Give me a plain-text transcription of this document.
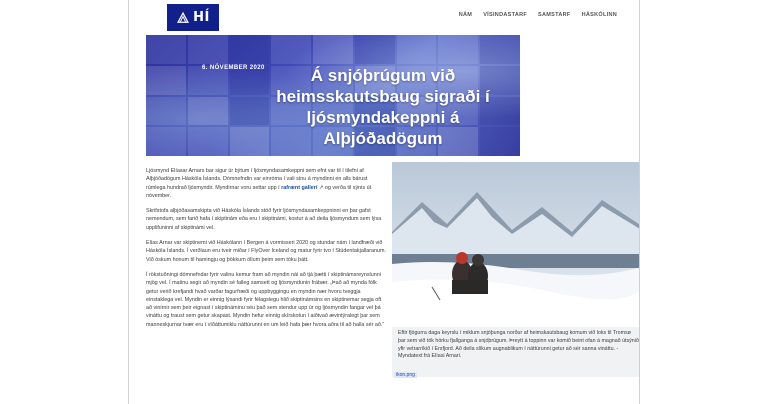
HÍ	NÁM VÍSINDASTARF SAMSTARF HÁSKÓLINN
6. NÓVEMBER 2020	Á snjóþrúgum við heimsskautsbaug sigraði í ljósmyndakeppni á Alþjóðadögum

Ljósmynd Elíasar Arnars bar sigur úr býtum í ljósmyndasamkeppni sem efnt var til í tilefni af Alþjóðadögum Háskóla Íslands. Dómnefndin var einróma í vali sínu á myndinni en alls bárust rúmlega hundrað ljósmyndir. Myndirnar voru settar upp í rafrænt gallerí ↗ og verða til sýnis út nóvember.

Skrifstofa alþjóðasamskipta við Háskóla Íslands stóð fyrir ljósmyndasamkeppninni en þar gafst nemendum, sem farið hafa í skiptinám eða eru í skiptinámi, kostur á að deila ljósmyndum sem lýsa upplifuninni af skiptinámi vel.

Elías Arnar var skiptinemi við Háskólann í Bergen á vormisseri 2020 og stundar nám í landfræði við Háskóla Íslands. Í verðlaun eru tveir miðar í FlyOver Iceland og matur fyrir tvo í Stúdentakjallaranum. Við óskum honum til hamingju og þökkum öllum þeim sem tóku þátt.

Í rökstuðningi dómnefndar fyrir valinu kemur fram að myndin nái að tjá þætti í skiptinámsreynslunni mjög vel. Í matinu segir að myndin sé falleg samsett og ljósmyndunin frábær. „Það að mynda fólk getur verið krefjandi hvað varðar fagurfræði og uppbyggingu en myndin nær hvoru tveggja einstaklega vel. Myndin er einnig lýsandi fyrir félagslegu hlið skiptinámsins en skiptinemar segja oft að vinirnir sem þeir eignast í skiptináminu séu það sem stendur upp úr og ljósmyndin fangar vel þá vináttu og traust sem getur skapast. Myndin hefur einnig skírskotun í aiðtvað ævintýralegt þar sem manneskjurnar tvær eru í víðáttumiklu náttúrunni en um leið hafa þær hvora aðra til að halla sér að.“

Eftir fjögurra daga keyrslu í miklum snjóþunga norður af heimskautsbaug komum við loks til Tromsø þar sem við tók hörku fjallganga á snjóþrúgum. Þreytt á toppinn var komið beint ofan á magnað útsýnið yfir vetrarríkið í Ersfjord. Að deila slíkum augnablikum í náttúrunni getur að sér sanna vináttu. - Myndatext frá Elíasi Arnari.
ikon.png
